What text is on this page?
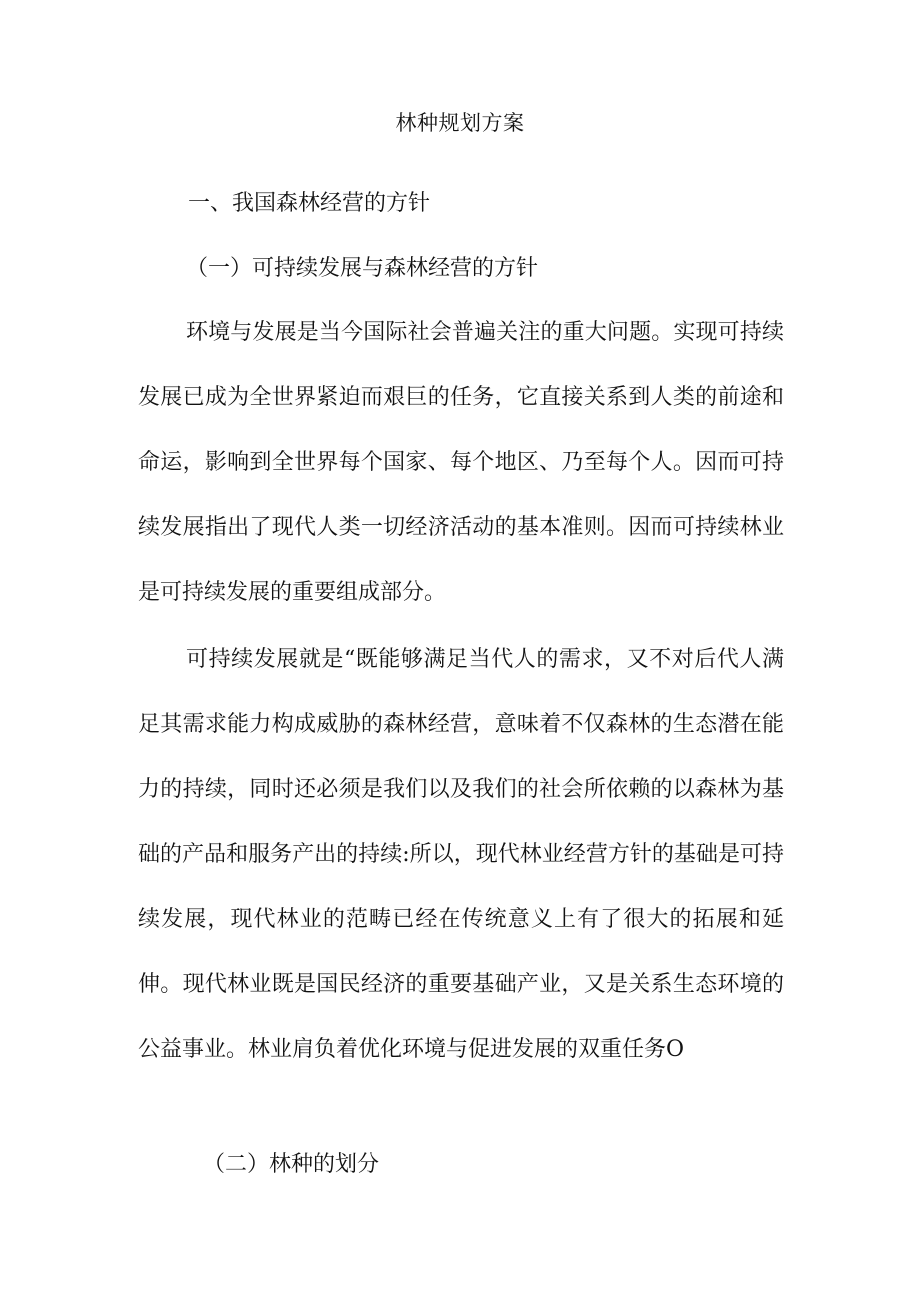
林种规划方案
一、我国森林经营的方针
（一）可持续发展与森林经营的方针

环境与发展是当今国际社会普遍关注的重大问题。实现可持续发展已成为全世界紧迫而艰巨的任务，它直接关系到人类的前途和命运，影响到全世界每个国家、每个地区、乃至每个人。因而可持续发展指出了现代人类一切经济活动的基本准则。因而可持续林业是可持续发展的重要组成部分。

可持续发展就是“既能够满足当代人的需求，又不对后代人满足其需求能力构成威胁的森林经营，意味着不仅森林的生态潜在能力的持续，同时还必须是我们以及我们的社会所依赖的以森林为基础的产品和服务产出的持续:所以，现代林业经营方针的基础是可持续发展，现代林业的范畴已经在传统意义上有了很大的拓展和延伸。现代林业既是国民经济的重要基础产业，又是关系生态环境的公益事业。林业肩负着优化环境与促进发展的双重任务O

（二）林种的划分
